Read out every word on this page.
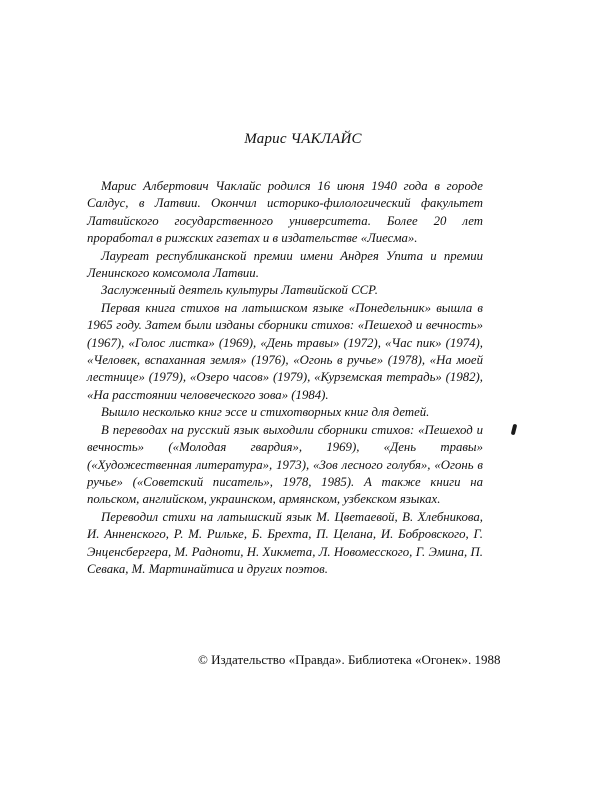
Марис ЧАКЛАЙС

Марис Албертович Чаклайс родился 16 июня 1940 года в городе Салдус, в Латвии. Окончил историко-филологический факультет Латвийского государственного университета. Более 20 лет проработал в рижских газетах и в издательстве «Лиесма».

Лауреат республиканской премии имени Андрея Упита и премии Ленинского комсомола Латвии.

Заслуженный деятель культуры Латвийской ССР.

Первая книга стихов на латышском языке «Понедельник» вышла в 1965 году. Затем были изданы сборники стихов: «Пешеход и вечность» (1967), «Голос листка» (1969), «День травы» (1972), «Час пик» (1974), «Человек, вспаханная земля» (1976), «Огонь в ручье» (1978), «На моей лестнице» (1979), «Озеро часов» (1979), «Курземская тетрадь» (1982), «На расстоянии человеческого зова» (1984).

Вышло несколько книг эссе и стихотворных книг для детей.

В переводах на русский язык выходили сборники стихов: «Пешеход и вечность» («Молодая гвардия», 1969), «День травы» («Художественная литература», 1973), «Зов лесного голубя», «Огонь в ручье» («Советский писатель», 1978, 1985). А также книги на польском, английском, украинском, армянском, узбекском языках.

Переводил стихи на латышский язык М. Цветаевой, В. Хлебникова, И. Анненского, Р. М. Рильке, Б. Брехта, П. Целана, И. Бобровского, Г. Энценсбергера, М. Радноти, Н. Хикмета, Л. Новомесского, Г. Эмина, П. Севака, М. Мартинайтиса и других поэтов.

© Издательство «Правда». Библиотека «Огонек». 1988
